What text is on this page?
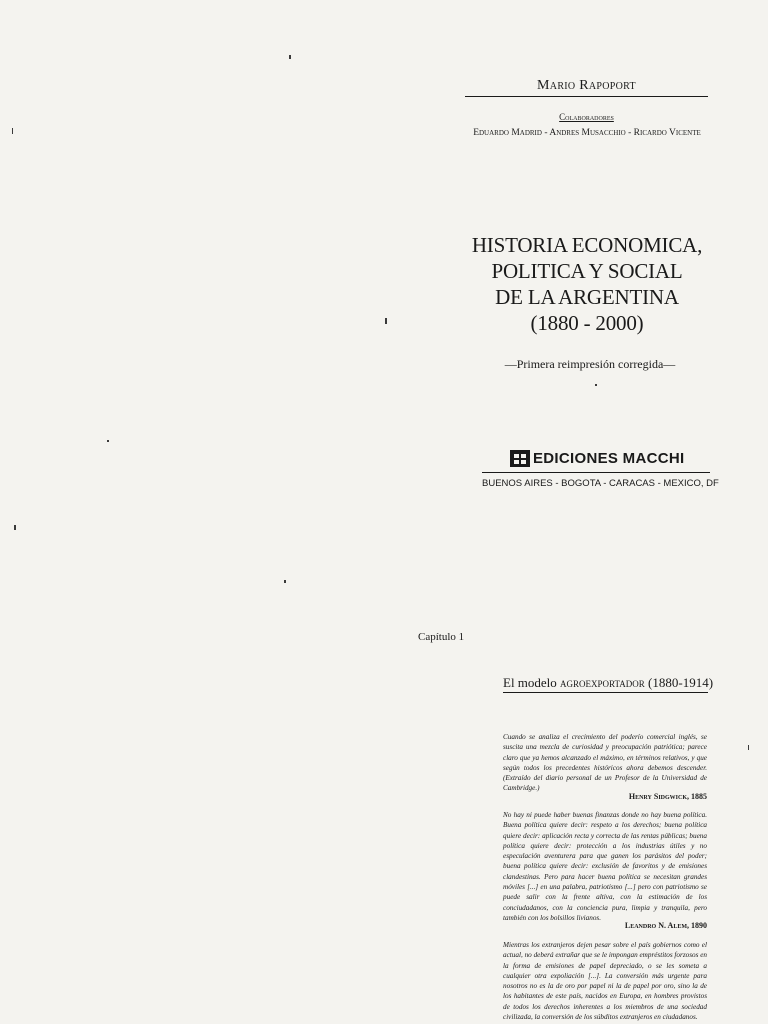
Mario Rapoport
Colaboradores
Eduardo Madrid - Andres Musacchio - Ricardo Vicente
HISTORIA ECONOMICA,
POLITICA Y SOCIAL
DE LA ARGENTINA
(1880 - 2000)
—Primera reimpresión corregida—
EDICIONES MACCHI
BUENOS AIRES - BOGOTA - CARACAS - MEXICO, DF
Capítulo 1
El modelo agroexportador (1880-1914)
Cuando se analiza el crecimiento del poderío comercial inglés, se suscita una mezcla de curiosidad y preocupación patriótica; parece claro que ya hemos alcanzado el máximo, en términos relativos, y que según todos los precedentes históricos ahora debemos descender. (Extraído del diario personal de un Profesor de la Universidad de Cambridge.)
Henry Sidgwick, 1885
No hay ni puede haber buenas finanzas donde no hay buena política. Buena política quiere decir: respeto a los derechos; buena política quiere decir: aplicación recta y correcta de las rentas públicas; buena política quiere decir: protección a los industrias útiles y no especulación aventurera para que ganen los parásitos del poder; buena política quiere decir: exclusión de favoritos y de emisiones clandestinas. Pero para hacer buena política se necesitan grandes móviles [...] en una palabra, patriotismo [...] pero con patriotismo se puede salir con la frente altiva, con la estimación de los conciudadanos, con la conciencia pura, limpia y tranquila, pero también con los bolsillos livianos.
Leandro N. Alem, 1890
Mientras los extranjeros dejen pesar sobre el país gobiernos como el actual, no deberá extrañar que se le impongan empréstitos forzosos en la forma de emisiones de papel depreciado, o se les someta a cualquier otra expoliación [...]. La conversión más urgente para nosotros no es la de oro por papel ni la de papel por oro, sino la de los habitantes de este país, nacidos en Europa, en hombres provistos de todos los derechos inherentes a los miembros de una sociedad civilizada, la conversión de los súbditos extranjeros en ciudadanos.
